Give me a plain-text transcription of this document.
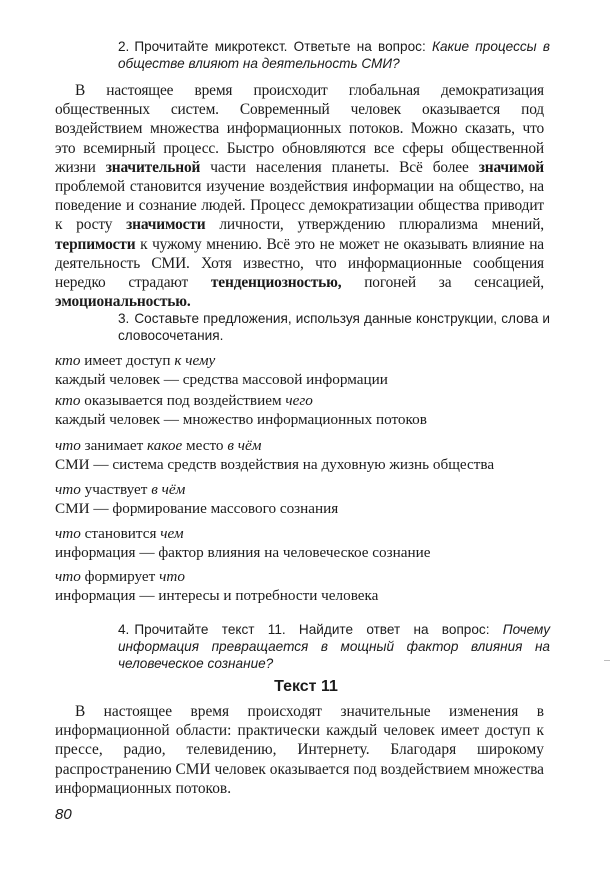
2. Прочитайте микротекст. Ответьте на вопрос: Какие процессы в обществе влияют на деятельность СМИ?
В настоящее время происходит глобальная демократизация общественных систем. Современный человек оказывается под воздействием множества информационных потоков. Можно сказать, что это всемирный процесс. Быстро обновляются все сферы общественной жизни значительной части населения планеты. Всё более значимой проблемой становится изучение воздействия информации на общество, на поведение и сознание людей. Процесс демократизации общества приводит к росту значимости личности, утверждению плюрализма мнений, терпимости к чужому мнению. Всё это не может не оказывать влияние на деятельность СМИ. Хотя известно, что информационные сообщения нередко страдают тенденциозностью, погоней за сенсацией, эмоциональностью.
3. Составьте предложения, используя данные конструкции, слова и словосочетания.
кто имеет доступ к чему
каждый человек — средства массовой информации
кто оказывается под воздействием чего
каждый человек — множество информационных потоков
что занимает какое место в чём
СМИ — система средств воздействия на духовную жизнь общества
что участвует в чём
СМИ — формирование массового сознания
что становится чем
информация — фактор влияния на человеческое сознание
что формирует что
информация — интересы и потребности человека
4. Прочитайте текст 11. Найдите ответ на вопрос: Почему информация превращается в мощный фактор влияния на человеческое сознание?
Текст 11
В настоящее время происходят значительные изменения в информационной области: практически каждый человек имеет доступ к прессе, радио, телевидению, Интернету. Благодаря широкому распространению СМИ человек оказывается под воздействием множества информационных потоков.
80
